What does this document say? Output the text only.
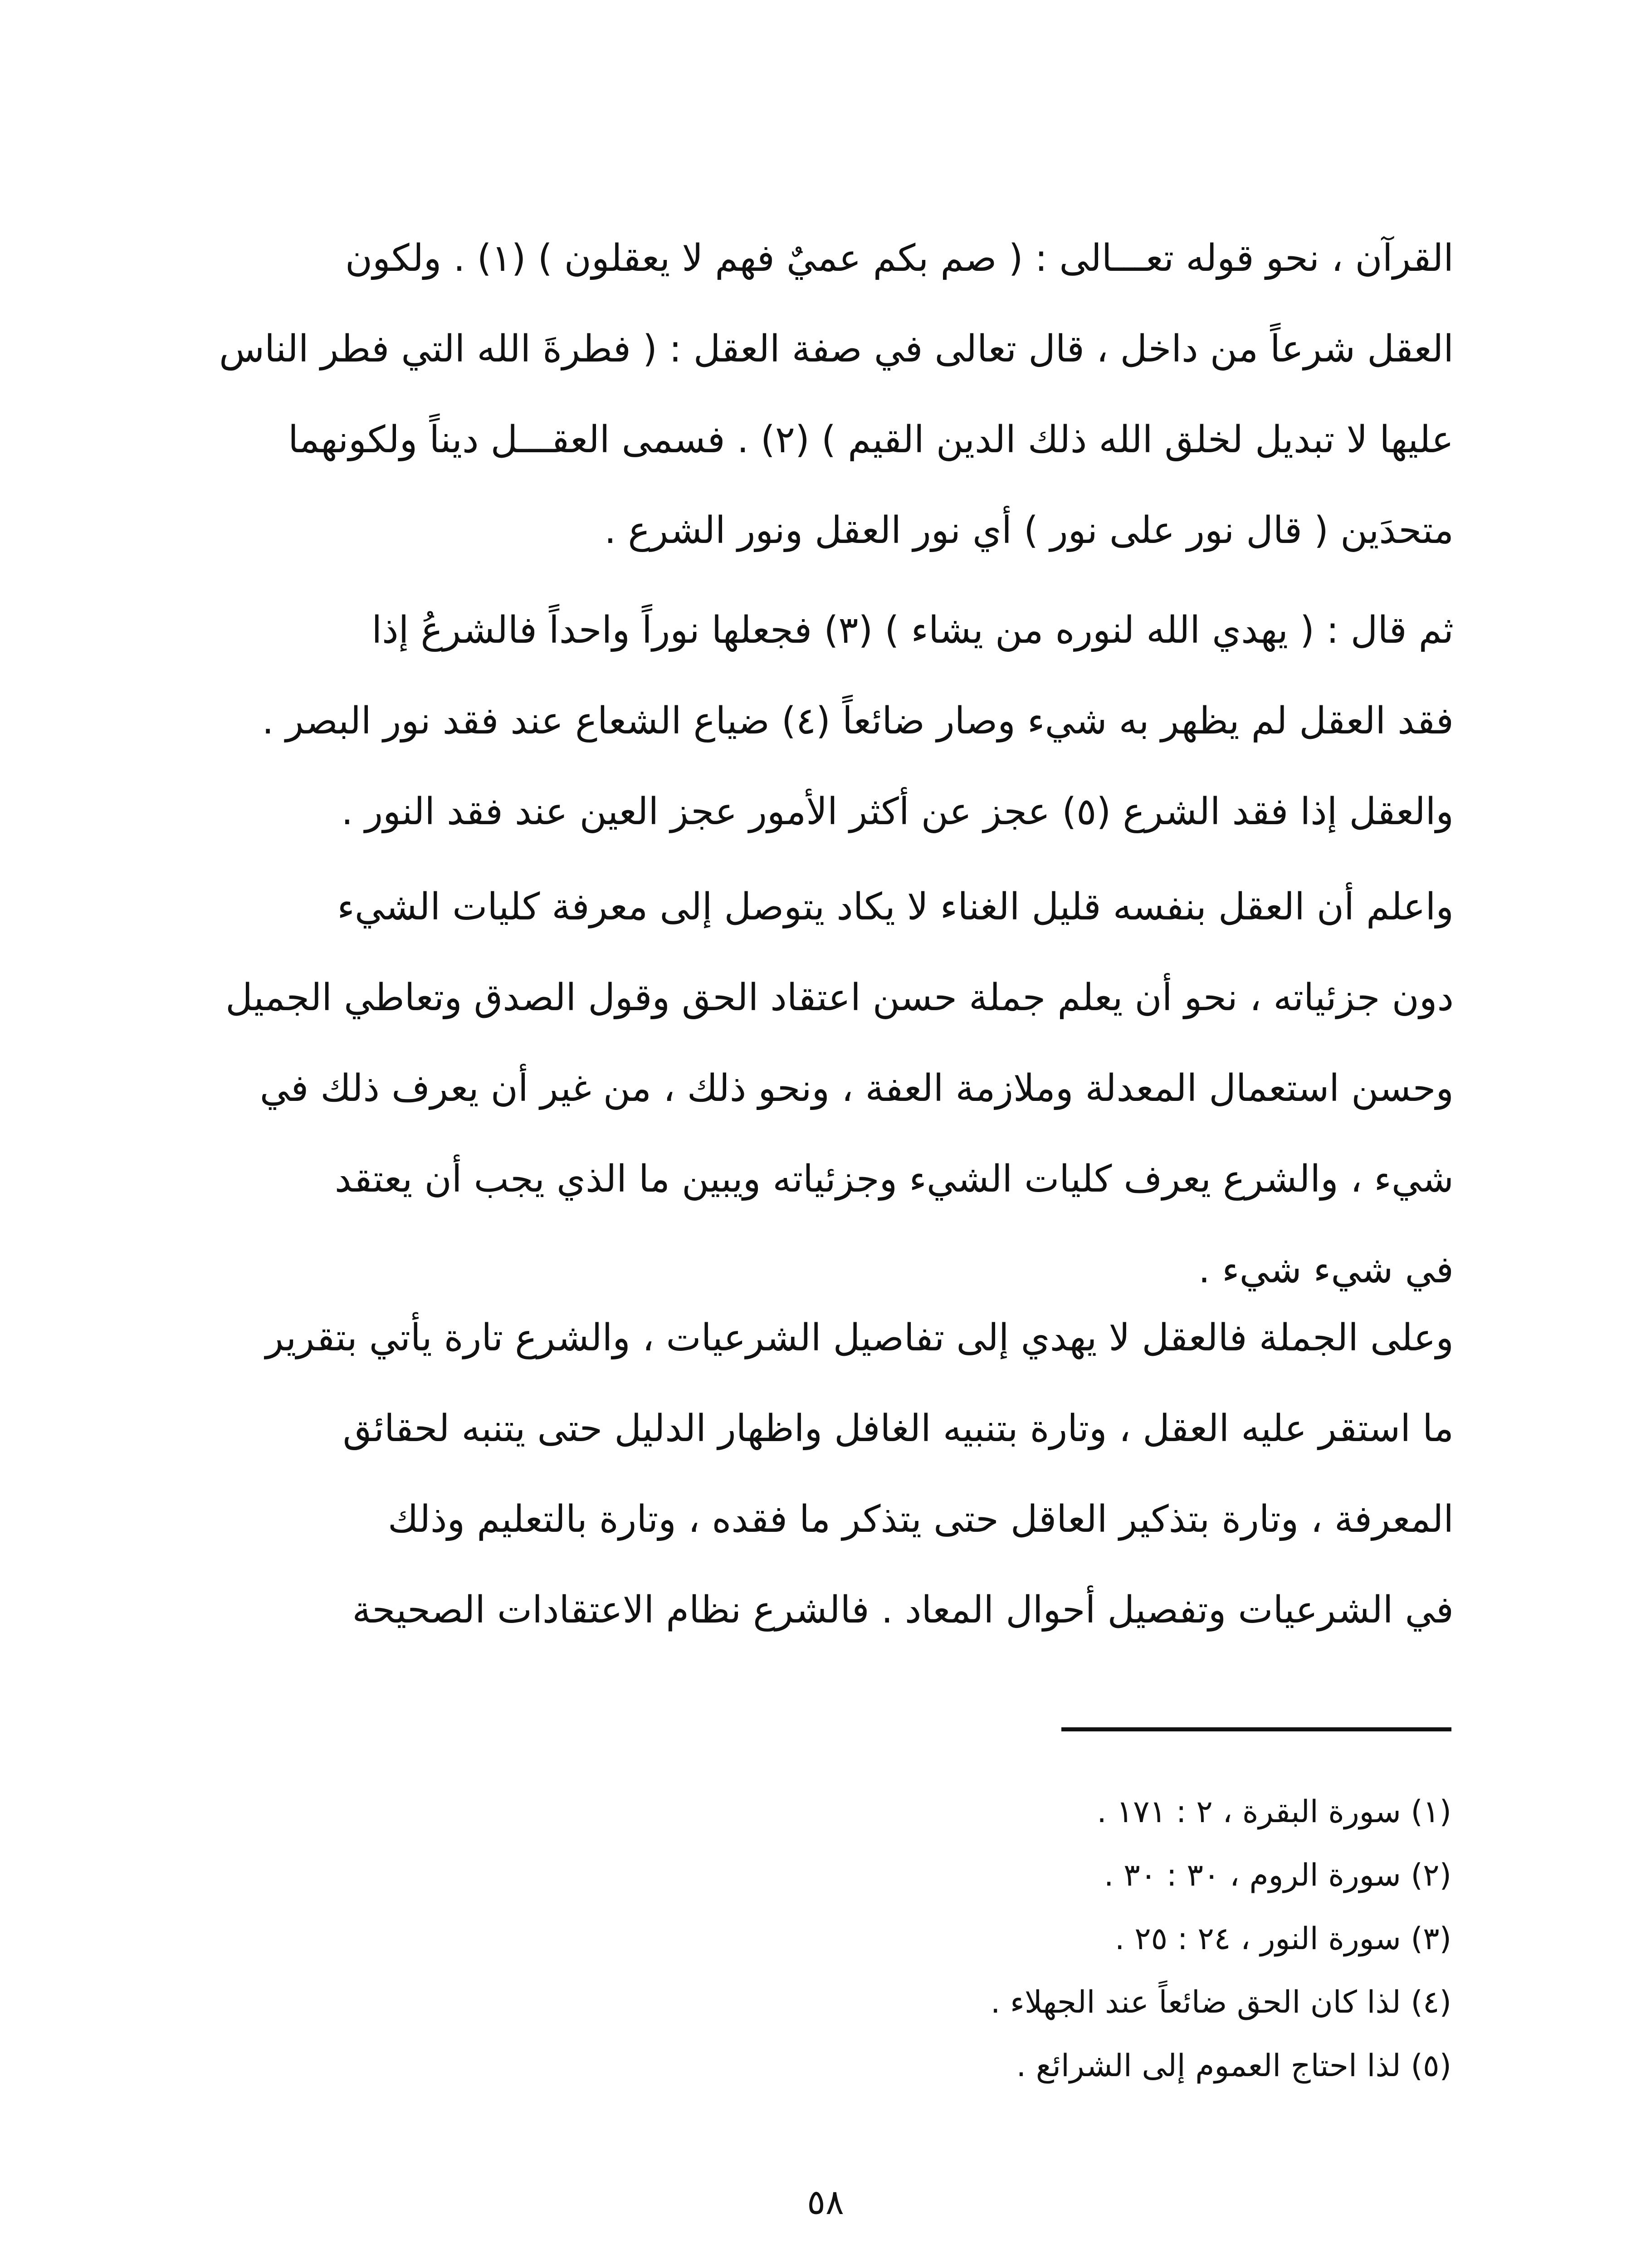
القرآن ، نحو قوله تعـــالى : ( صم بكم عميٌ فهم لا يعقلون ) (١) . ولكون
العقل شرعاً من داخل ، قال تعالى في صفة العقل : ( فطرةَ الله التي فطر الناس
عليها لا تبديل لخلق الله ذلك الدين القيم ) (٢) . فسمى العقـــل ديناً ولكونهما
متحدَين ( قال نور على نور ) أي نور العقل ونور الشرع .

ثم قال : ( يهدي الله لنوره من يشاء ) (٣) فجعلها نوراً واحداً فالشرعُ إذا
فقد العقل لم يظهر به شيء وصار ضائعاً (٤) ضياع الشعاع عند فقد نور البصر .
والعقل إذا فقد الشرع (٥) عجز عن أكثر الأمور عجز العين عند فقد النور .

واعلم أن العقل بنفسه قليل الغناء لا يكاد يتوصل إلى معرفة كليات الشيء
دون جزئياته ، نحو أن يعلم جملة حسن اعتقاد الحق وقول الصدق وتعاطي الجميل
وحسن استعمال المعدلة وملازمة العفة ، ونحو ذلك ، من غير أن يعرف ذلك في
شيء ، والشرع يعرف كليات الشيء وجزئياته ويبين ما الذي يجب أن يعتقد
في شيء شيء .

وعلى الجملة فالعقل لا يهدي إلى تفاصيل الشرعيات ، والشرع تارة يأتي بتقرير
ما استقر عليه العقل ، وتارة بتنبيه الغافل واظهار الدليل حتى يتنبه لحقائق
المعرفة ، وتارة بتذكير العاقل حتى يتذكر ما فقده ، وتارة بالتعليم وذلك
في الشرعيات وتفصيل أحوال المعاد . فالشرع نظام الاعتقادات الصحيحة

(١) سورة البقرة ، ٢ : ١٧١ .
(٢) سورة الروم ، ٣٠ : ٣٠ .
(٣) سورة النور ، ٢٤ : ٢٥ .
(٤) لذا كان الحق ضائعاً عند الجهلاء .
(٥) لذا احتاج العموم إلى الشرائع .
٥٨
